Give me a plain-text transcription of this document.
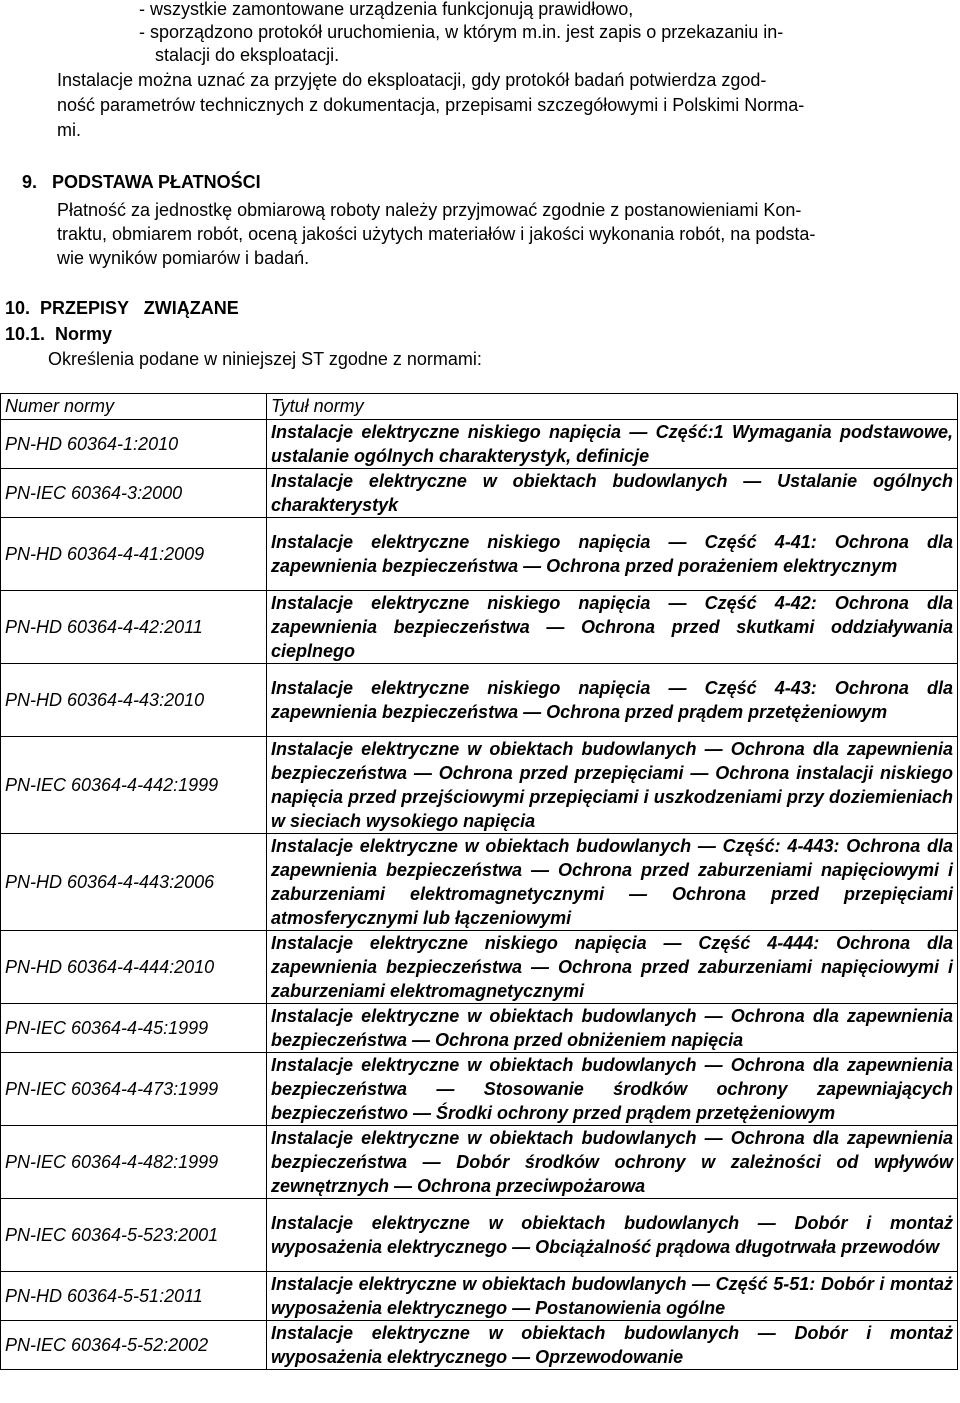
- wszystkie zamontowane urządzenia funkcjonują prawidłowo,
- sporządzono protokół uruchomienia, w którym m.in. jest zapis o przekazaniu in-
stalacji do eksploatacji.
Instalacje można uznać za przyjęte do eksploatacji, gdy protokół badań potwierdza zgod-
ność parametrów technicznych z dokumentacja, przepisami szczegółowymi i Polskimi Norma-
mi.
9.   PODSTAWA PŁATNOŚCI
Płatność za jednostkę obmiarową roboty należy przyjmować zgodnie z postanowieniami Kon-
traktu, obmiarem robót, oceną jakości użytych materiałów i jakości wykonania robót, na podsta-
wie wyników pomiarów i badań.
10.  PRZEPISY   ZWIĄZANE
10.1.  Normy
Określenia podane w niniejszej ST zgodne z normami:
Numer normy	Tytuł normy
PN-HD 60364-1:2010	Instalacje elektryczne niskiego napięcia — Część:1 Wymagania podstawowe, ustalanie ogólnych charakterystyk, definicje
PN-IEC 60364-3:2000	Instalacje elektryczne w obiektach budowlanych — Ustalanie ogólnych charakterystyk
PN-HD 60364-4-41:2009	Instalacje elektryczne niskiego napięcia — Część 4-41: Ochrona dla zapewnienia bezpieczeństwa — Ochrona przed porażeniem elektrycznym
PN-HD 60364-4-42:2011	Instalacje elektryczne niskiego napięcia — Część 4-42: Ochrona dla zapewnienia bezpieczeństwa — Ochrona przed skutkami oddziaływania cieplnego
PN-HD 60364-4-43:2010	Instalacje elektryczne niskiego napięcia — Część 4-43: Ochrona dla zapewnienia bezpieczeństwa — Ochrona przed prądem przetężeniowym
PN-IEC 60364-4-442:1999	Instalacje elektryczne w obiektach budowlanych — Ochrona dla zapewnienia bezpieczeństwa — Ochrona przed przepięciami — Ochrona instalacji niskiego napięcia przed przejściowymi przepięciami i uszkodzeniami przy doziemieniach w sieciach wysokiego napięcia
PN-HD 60364-4-443:2006	Instalacje elektryczne w obiektach budowlanych — Część: 4-443: Ochrona dla zapewnienia bezpieczeństwa — Ochrona przed zaburzeniami napięciowymi i zaburzeniami elektromagnetycznymi — Ochrona przed przepięciami atmosferycznymi lub łączeniowymi
PN-HD 60364-4-444:2010	Instalacje elektryczne niskiego napięcia — Część 4-444: Ochrona dla zapewnienia bezpieczeństwa — Ochrona przed zaburzeniami napięciowymi i zaburzeniami elektromagnetycznymi
PN-IEC 60364-4-45:1999	Instalacje elektryczne w obiektach budowlanych — Ochrona dla zapewnienia bezpieczeństwa — Ochrona przed obniżeniem napięcia
PN-IEC 60364-4-473:1999	Instalacje elektryczne w obiektach budowlanych — Ochrona dla zapewnienia bezpieczeństwa — Stosowanie środków ochrony zapewniających bezpieczeństwo — Środki ochrony przed prądem przetężeniowym
PN-IEC 60364-4-482:1999	Instalacje elektryczne w obiektach budowlanych — Ochrona dla zapewnienia bezpieczeństwa — Dobór środków ochrony w zależności od wpływów zewnętrznych — Ochrona przeciwpożarowa
PN-IEC 60364-5-523:2001	Instalacje elektryczne w obiektach budowlanych — Dobór i montaż wyposażenia elektrycznego — Obciążalność prądowa długotrwała przewodów
PN-HD 60364-5-51:2011	Instalacje elektryczne w obiektach budowlanych — Część 5-51: Dobór i montaż wyposażenia elektrycznego — Postanowienia ogólne
PN-IEC 60364-5-52:2002	Instalacje elektryczne w obiektach budowlanych — Dobór i montaż wyposażenia elektrycznego — Oprzewodowanie
